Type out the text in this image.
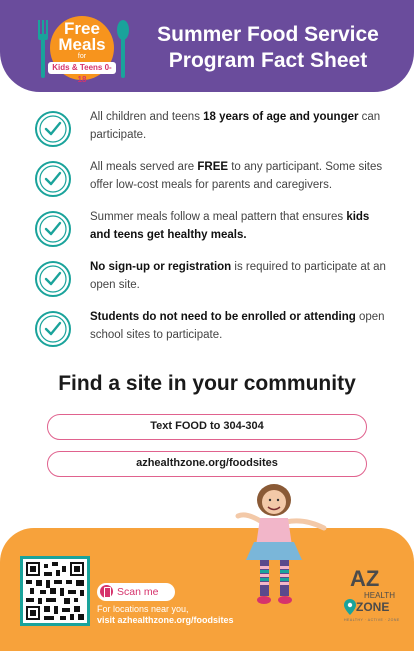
Free
Meals
for
Kids & Teens 0-18
Summer Food Service Program Fact Sheet
All children and teens 18 years of age and younger can participate.
All meals served are FREE to any participant. Some sites offer low-cost meals for parents and caregivers.
Summer meals follow a meal pattern that ensures kids and teens get healthy meals.
No sign-up or registration is required to participate at an open site.
Students do not need to be enrolled or attending open school sites to participate.
Find a site in your community
Text FOOD to 304-304
azhealthzone.org/foodsites
Scan me
For locations near you,
visit azhealthzone.org/foodsites
AZ
HEALTH
ZONE
HEALTHY · ACTIVE · ZONE
